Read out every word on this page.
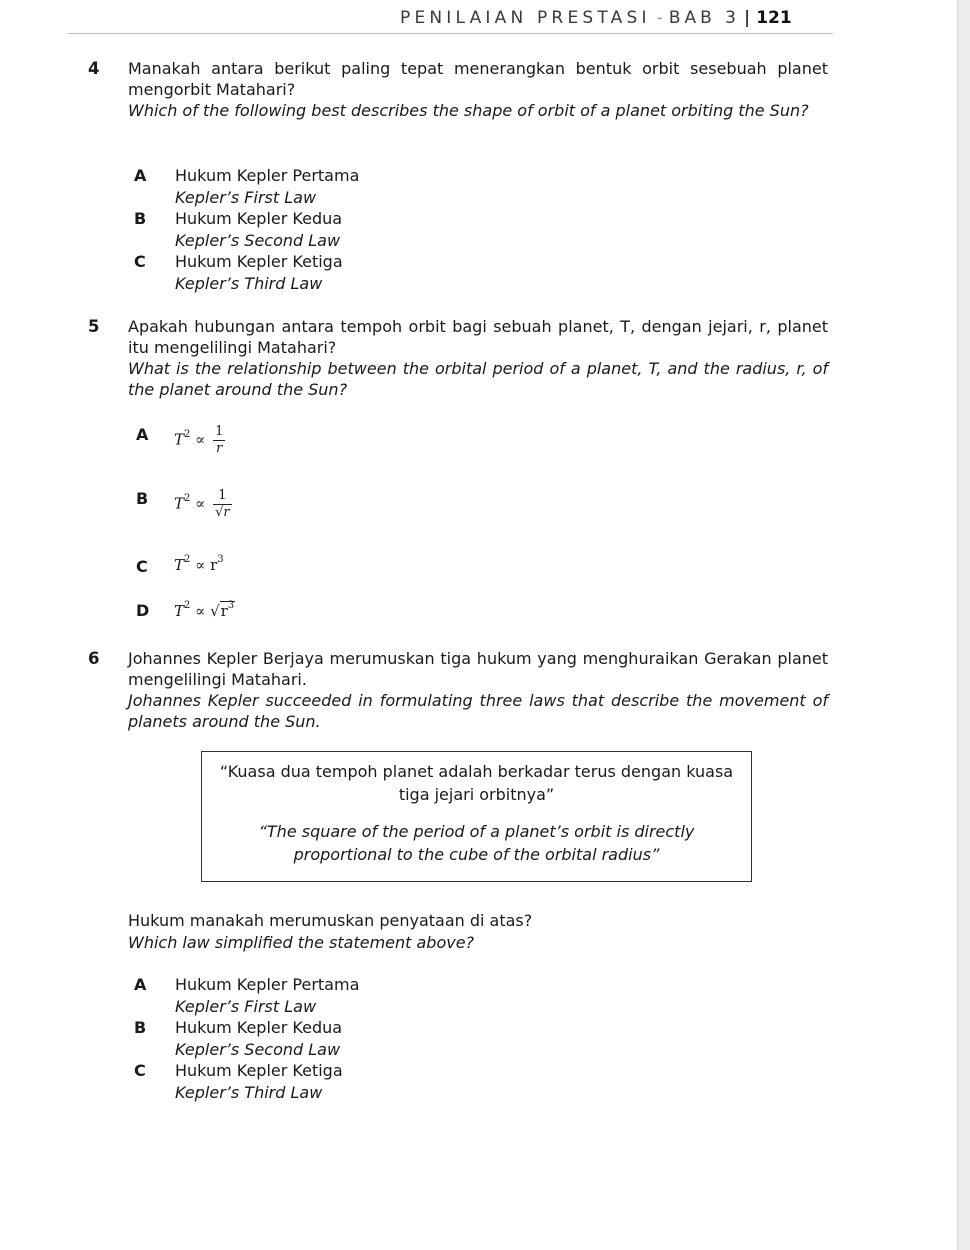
PENILAIAN PRESTASI - BAB 3 | 121
4 Manakah antara berikut paling tepat menerangkan bentuk orbit sesebuah planet mengorbit Matahari?
Which of the following best describes the shape of orbit of a planet orbiting the Sun?
A Hukum Kepler Pertama
Kepler’s First Law
B Hukum Kepler Kedua
Kepler’s Second Law
C Hukum Kepler Ketiga
Kepler’s Third Law
5 Apakah hubungan antara tempoh orbit bagi sebuah planet, T, dengan jejari, r, planet itu mengelilingi Matahari?
What is the relationship between the orbital period of a planet, T, and the radius, r, of the planet around the Sun?
A $T^2 \propto \frac{1}{r}$
B $T^2 \propto \frac{1}{√r}$
C $T^2 \propto r^3$
D $T^2 \propto √r^3$
6 Johannes Kepler Berjaya merumuskan tiga hukum yang menghuraikan Gerakan planet mengelilingi Matahari.
Johannes Kepler succeeded in formulating three laws that describe the movement of planets around the Sun.
“Kuasa dua tempoh planet adalah berkadar terus dengan kuasa tiga jejari orbitnya”
“The square of the period of a planet’s orbit is directly proportional to the cube of the orbital radius”
Hukum manakah merumuskan penyataan di atas?
Which law simplified the statement above?
A Hukum Kepler Pertama
Kepler’s First Law
B Hukum Kepler Kedua
Kepler’s Second Law
C Hukum Kepler Ketiga
Kepler’s Third Law
